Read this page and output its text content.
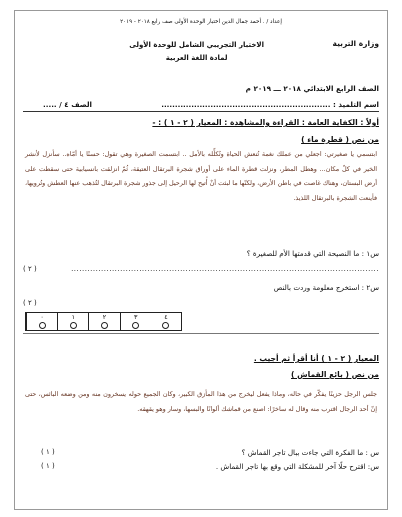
إعداد / . أحمد جمال الدين اختبار الوحدة الأولى صف رابع ٢٠١٨ - ٢٠١٩
وزارة التربية
الاختبار التجريبي الشامل للوحدة الأولى
لمادة اللغة العربية
الصف الرابع الابتدائي ٢٠١٨ ـــ ٢٠١٩ م
اسم التلميذ : ..............................................................
الصف ٤ / .....
أولاً : الكفاية العامة : القراءة والمشاهدة : المعيار ( ٢ - ١ ) : -
من نص ( قطرة ماء )
ابتسمي يا صغيرتي: اجعلي من عملك نغمة تُنعش الحياة وتُكلِّله بالأمل .. ابتسمت الصغيرة وهي تقول: حسنًا يا أمّاه.. سأنزل لأنشر الخير في كلّ مكان... وهطل المطر، ونزلت قطرة الماء على أوراق شجرة البرتقال العتيقة، ثُمّ انزلقت بانسيابية حتى سقطت على أرض البستان، وهناك غاصت في باطن الأرض، ولكنّها ما لبثت أنْ أُتيح لها الرحيل إلى جذور شجرة البرتقال لتُذهب عنها العطش وتُرويها، فأينعت الشجرة بالبرتقال اللذيذ.
س١ : ما النصيحة التي قدمتها الأم للصغيرة ؟
.................................................................................................................
( ٢ )
س٢ : استخرج معلومة وردت بالنص
( ٢ )
٤
٣
٢
١
٠
المعيار ( ٢ - ١ ) أنا أقرأ ثم أجيب .
من نص ( بائع القماش )
جلس الرجل حزينًا يفكّر في حاله، وماذا يفعل ليخرج من هذا المأزق الكبير، وكان الجميع حوله يسخرون منه ومن وضعه البائس، حتى إنّ أحد الرجال اقترب منه وقال له ساخرًا: اصنع من قماشك ألوانًا والبسها، وسار وهو يقهقه.
س : ما الفكرة التي جاءت ببال تاجر القماش ؟
( ١ )
س: اقترح حلًا آخر للمشكلة التي وقع بها تاجر القماش .
( ١ )
